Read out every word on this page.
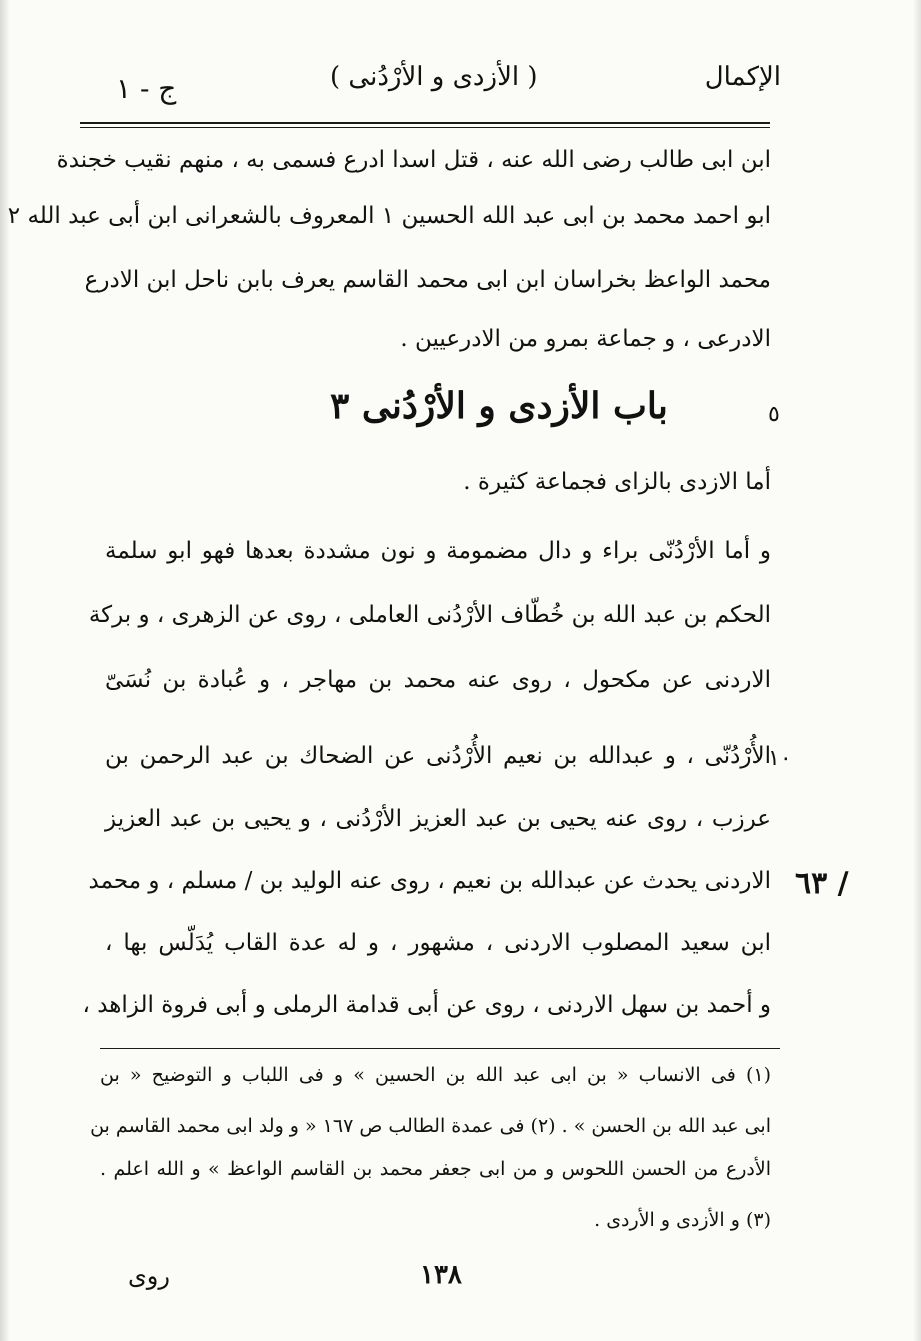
الإكمال
( الأزدى و الأرْدُنى )
ج - ١
ابن ابى طالب رضى الله عنه ، قتل اسدا ادرع فسمى به ، منهم نقيب خجندة
ابو احمد محمد بن ابى عبد الله الحسين ١ المعروف بالشعرانى ابن أبى عبد الله ٢
محمد الواعظ بخراسان ابن ابى محمد القاسم يعرف بابن ناحل ابن الادرع
الادرعى ، و جماعة بمرو من الادرعيين .
٥
باب الأزدى و الأرْدُنى ٣
أما الازدى بالزاى فجماعة كثيرة .
و أما الأرْدُنّى براء و دال مضمومة و نون مشددة بعدها فهو ابو سلمة
الحكم بن عبد الله بن خُطّاف الأرْدُنى العاملى ، روى عن الزهرى ، و بركة
الاردنى عن مكحول ، روى عنه محمد بن مهاجر ، و عُبادة بن نُسَىّ
١٠
الأُرْدُنّى ، و عبدالله بن نعيم الأُرْدُنى عن الضحاك بن عبد الرحمن بن
عرزب ، روى عنه يحيى بن عبد العزيز الأرْدُنى ، و يحيى بن عبد العزيز
الاردنى يحدث عن عبدالله بن نعيم ، روى عنه الوليد بن / مسلم ، و محمد ٦٣ /
ابن سعيد المصلوب الاردنى ، مشهور ، و له عدة القاب يُدَلّس بها ،
و أحمد بن سهل الاردنى ، روى عن أبى قدامة الرملى و أبى فروة الزاهد ،
(١) فى الانساب « بن ابى عبد الله بن الحسين » و فى اللباب و التوضيح « بن
ابى عبد الله بن الحسن » . (٢) فى عمدة الطالب ص ١٦٧ « و ولد ابى محمد القاسم بن
الأدرع من الحسن اللحوس و من ابى جعفر محمد بن القاسم الواعظ » و الله اعلم .
(٣) و الأزدى و الأردى .
١٣٨
روى
